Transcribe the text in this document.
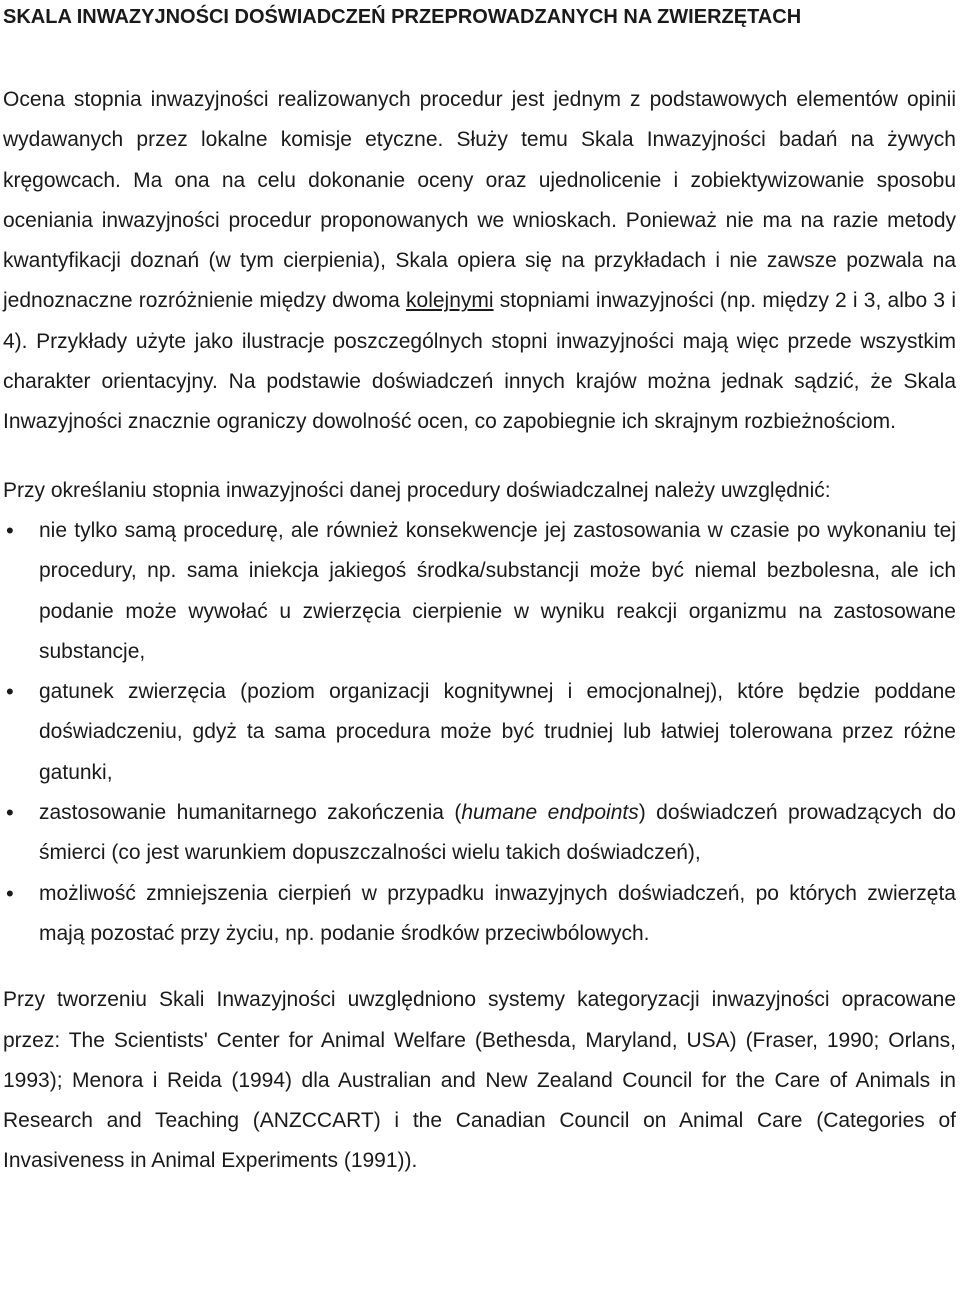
SKALA INWAZYJNOŚCI DOŚWIADCZEŃ PRZEPROWADZANYCH NA ZWIERZĘTACH

Ocena stopnia inwazyjności realizowanych procedur jest jednym z podstawowych elementów opinii wydawanych przez lokalne komisje etyczne. Służy temu Skala Inwazyjności badań na żywych kręgowcach. Ma ona na celu dokonanie oceny oraz ujednolicenie i zobiektywizowanie sposobu oceniania inwazyjności procedur proponowanych we wnioskach. Ponieważ nie ma na razie metody kwantyfikacji doznań (w tym cierpienia), Skala opiera się na przykładach i nie zawsze pozwala na jednoznaczne rozróżnienie między dwoma kolejnymi stopniami inwazyjności (np. między 2 i 3, albo 3 i 4). Przykłady użyte jako ilustracje poszczególnych stopni inwazyjności mają więc przede wszystkim charakter orientacyjny. Na podstawie doświadczeń innych krajów można jednak sądzić, że Skala Inwazyjności znacznie ograniczy dowolność ocen, co zapobiegnie ich skrajnym rozbieżnościom.

Przy określaniu stopnia inwazyjności danej procedury doświadczalnej należy uwzględnić:

• nie tylko samą procedurę, ale również konsekwencje jej zastosowania w czasie po wykonaniu tej procedury, np. sama iniekcja jakiegoś środka/substancji może być niemal bezbolesna, ale ich podanie może wywołać u zwierzęcia cierpienie w wyniku reakcji organizmu na zastosowane substancje,
• gatunek zwierzęcia (poziom organizacji kognitywnej i emocjonalnej), które będzie poddane doświadczeniu, gdyż ta sama procedura może być trudniej lub łatwiej tolerowana przez różne gatunki,
• zastosowanie humanitarnego zakończenia (humane endpoints) doświadczeń prowadzących do śmierci (co jest warunkiem dopuszczalności wielu takich doświadczeń),
• możliwość zmniejszenia cierpień w przypadku inwazyjnych doświadczeń, po których zwierzęta mają pozostać przy życiu, np. podanie środków przeciwbólowych.

Przy tworzeniu Skali Inwazyjności uwzględniono systemy kategoryzacji inwazyjności opracowane przez: The Scientists' Center for Animal Welfare (Bethesda, Maryland, USA) (Fraser, 1990; Orlans, 1993); Menora i Reida (1994) dla Australian and New Zealand Council for the Care of Animals in Research and Teaching (ANZCCART) i the Canadian Council on Animal Care (Categories of Invasiveness in Animal Experiments (1991)).
